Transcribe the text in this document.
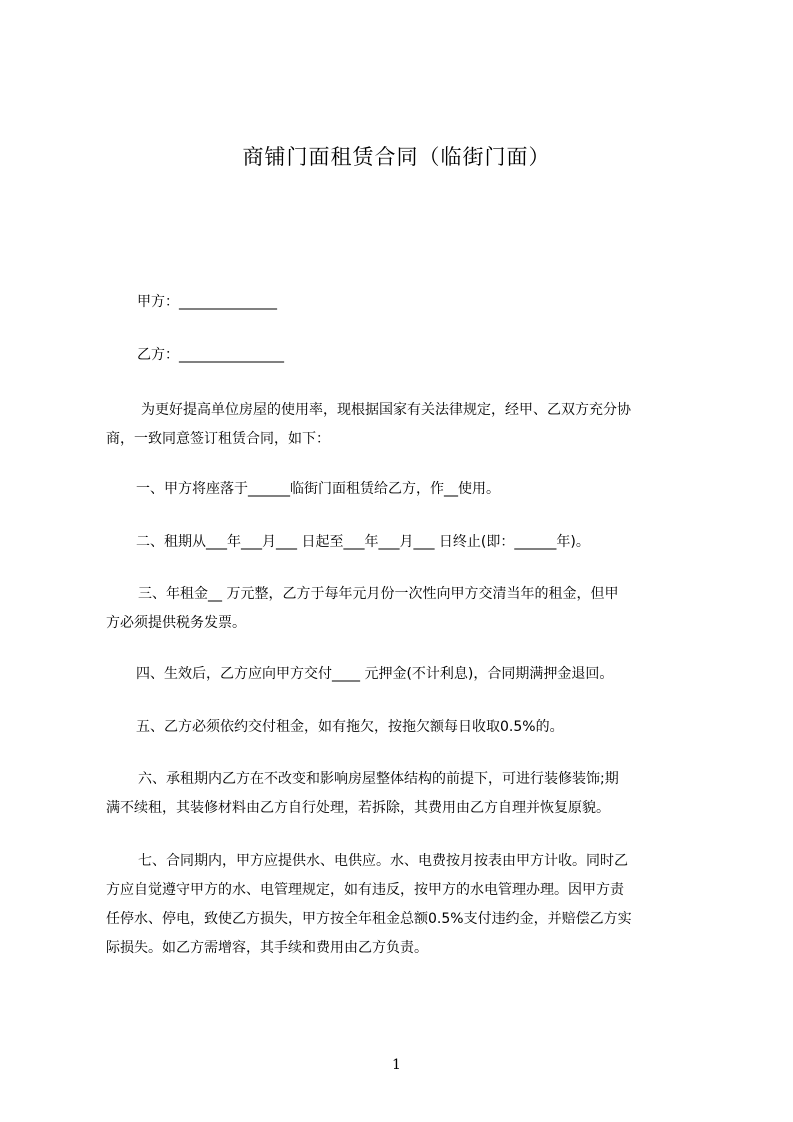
商铺门面租赁合同（临街门面）
甲方：______________
乙方：_______________
为更好提高单位房屋的使用率，现根据国家有关法律规定，经甲、乙双方充分协
商，一致同意签订租赁合同，如下：
一、甲方将座落于______临街门面租赁给乙方，作__使用。
二、租期从___年___月___ 日起至___年___月___ 日终止(即：______年)。
三、年租金__ 万元整，乙方于每年元月份一次性向甲方交清当年的租金，但甲
方必须提供税务发票。
四、生效后，乙方应向甲方交付____ 元押金(不计利息)，合同期满押金退回。
五、乙方必须依约交付租金，如有拖欠，按拖欠额每日收取0.5%的。
六、承租期内乙方在不改变和影响房屋整体结构的前提下，可进行装修装饰;期
满不续租，其装修材料由乙方自行处理，若拆除，其费用由乙方自理并恢复原貌。
七、合同期内，甲方应提供水、电供应。水、电费按月按表由甲方计收。同时乙
方应自觉遵守甲方的水、电管理规定，如有违反，按甲方的水电管理办理。因甲方责
任停水、停电，致使乙方损失，甲方按全年租金总额0.5%支付违约金，并赔偿乙方实
际损失。如乙方需增容，其手续和费用由乙方负责。
1
